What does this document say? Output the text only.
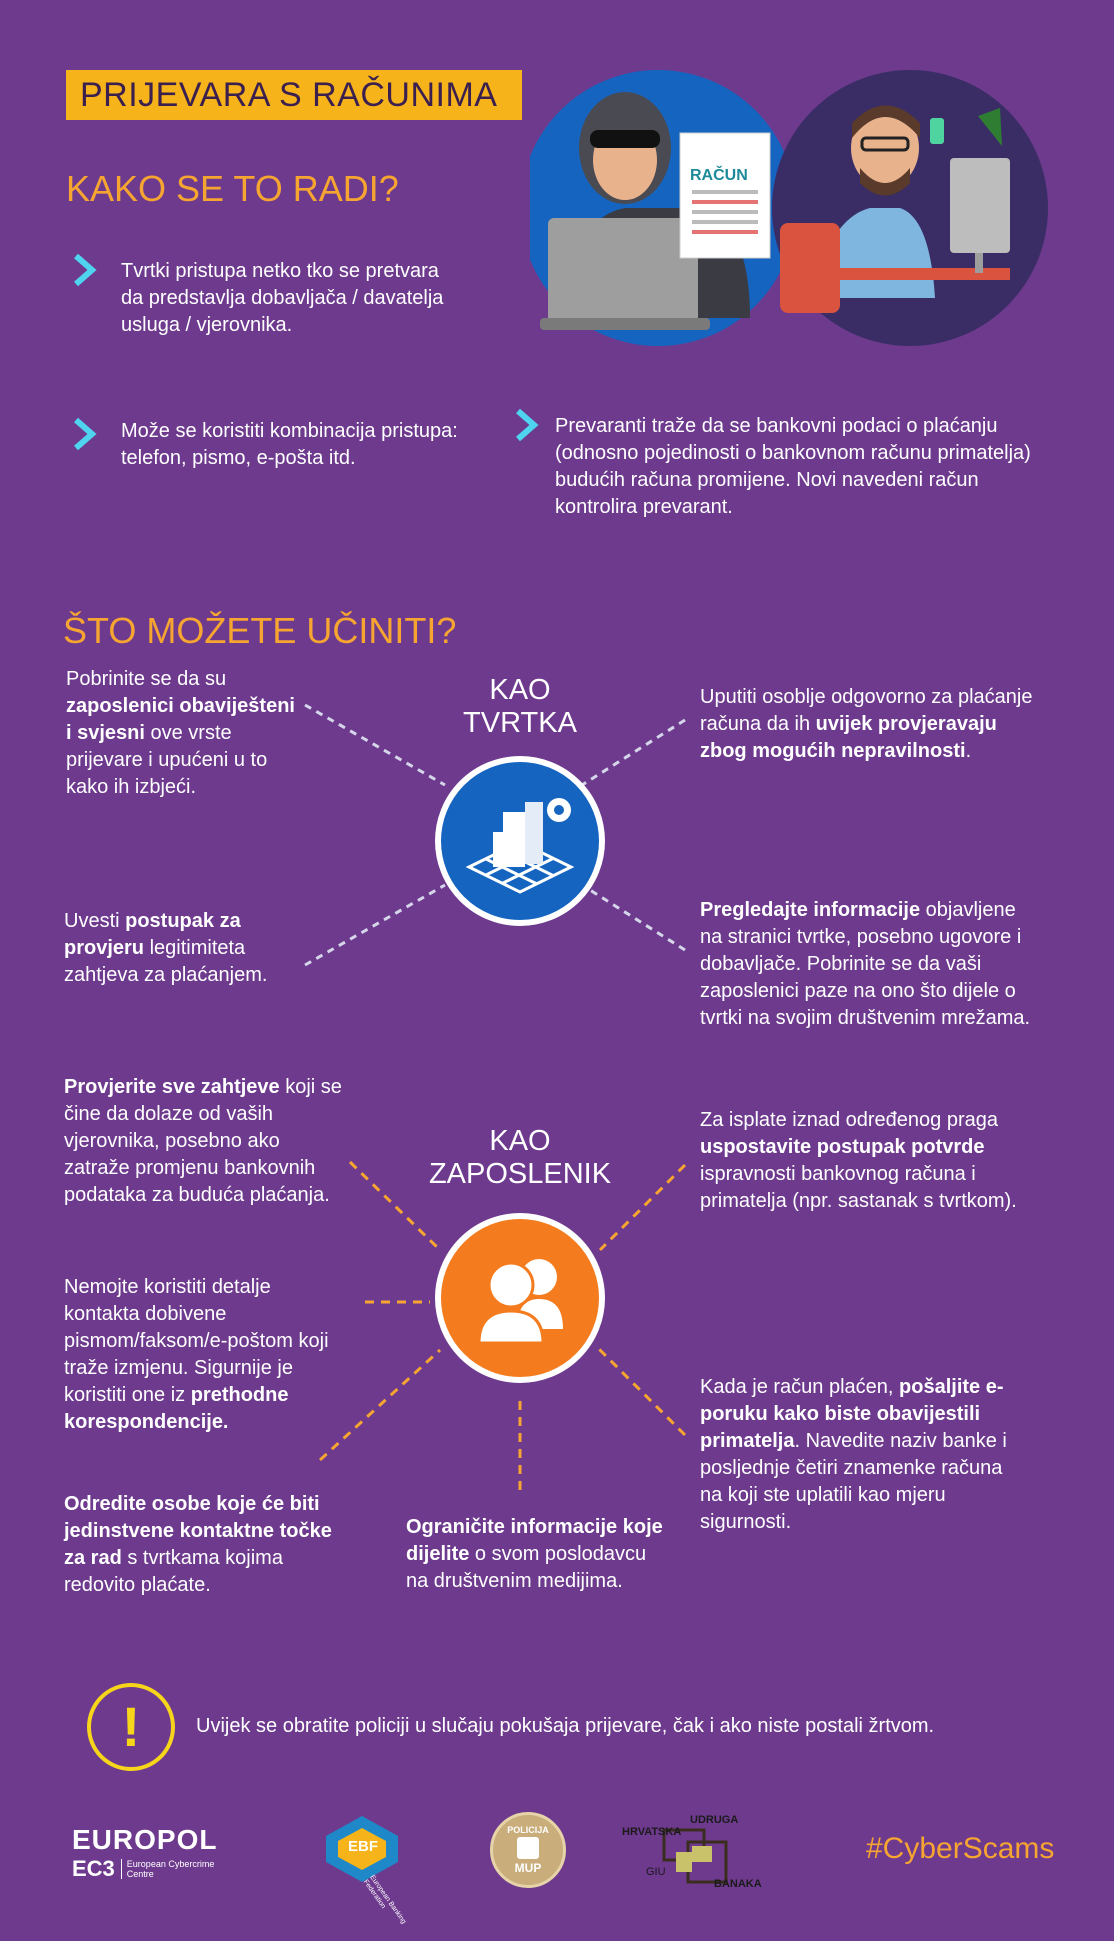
PRIJEVARA S RAČUNIMA
RAČUN
KAKO SE TO RADI?
Tvrtki pristupa netko tko se pretvara da predstavlja dobavljača / davatelja usluga / vjerovnika.
Može se koristiti kombinacija pristupa: telefon, pismo, e-pošta itd.
Prevaranti traže da se bankovni podaci o plaćanju (odnosno pojedinosti o bankovnom računu primatelja) budućih računa promijene. Novi navedeni račun kontrolira prevarant.
ŠTO MOŽETE UČINITI?
KAO
TVRTKA
Pobrinite se da su zaposlenici obaviješteni i svjesni ove vrste prijevare i upućeni u to kako ih izbjeći.
Uputiti osoblje odgovorno za plaćanje računa da ih uvijek provjeravaju zbog mogućih nepravilnosti.
Uvesti postupak za provjeru legitimiteta zahtjeva za plaćanjem.
Pregledajte informacije objavljene na stranici tvrtke, posebno ugovore i dobavljače. Pobrinite se da vaši zaposlenici paze na ono što dijele o tvrtki na svojim društvenim mrežama.
KAO
ZAPOSLENIK
Provjerite sve zahtjeve koji se čine da dolaze od vaših vjerovnika, posebno ako zatraže promjenu bankovnih podataka za buduća plaćanja.
Za isplate iznad određenog praga uspostavite postupak potvrde ispravnosti bankovnog računa i primatelja (npr. sastanak s tvrtkom).
Nemojte koristiti detalje kontakta dobivene pismom/faksom/e-poštom koji traže izmjenu. Sigurnije je koristiti one iz prethodne korespondencije.
Odredite osobe koje će biti jedinstvene kontaktne točke za rad s tvrtkama kojima redovito plaćate.
Ograničite informacije koje dijelite o svom poslodavcu na društvenim medijima.
Kada je račun plaćen, pošaljite e-poruku kako biste obavijestili primatelja. Navedite naziv banke i posljednje četiri znamenke računa na koji ste uplatili kao mjeru sigurnosti.
!	Uvijek se obratite policiji u slučaju pokušaja prijevare, čak i ako niste postali žrtvom.
EUROPOL
EC3 European Cybercrime
Centre
EBF
European Banking Federation
POLICIJA
MUP
UDRUGA
HRVATSKA
GIU
BANAKA
#CyberScams
